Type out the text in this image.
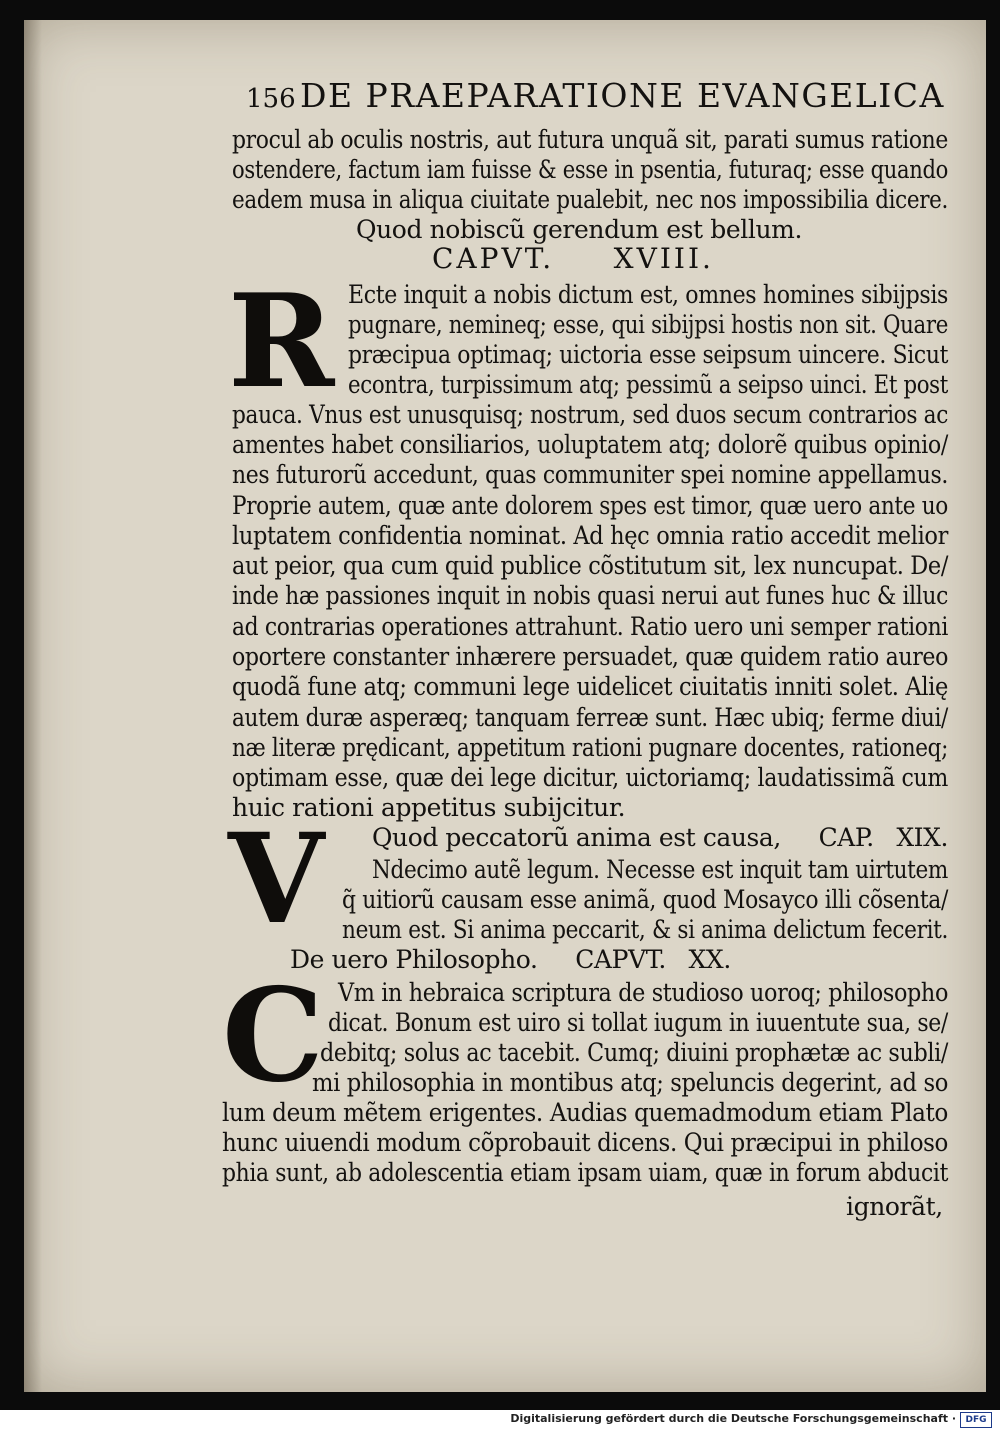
156 DE PRAEPARATIONE EVANGELICA
R
V
C
procul ab oculis nostris, aut futura unquã sit, parati sumus ratione
ostendere, factum iam fuisse & esse in psentia, futuraq; esse quando
eadem musa in aliqua ciuitate pualebit, nec nos impossibilia dicere.
Quod nobiscũ gerendum est bellum.
CAPVT.     XVIII.
Ecte inquit a nobis dictum est, omnes homines sibijpsis
pugnare, nemineq; esse, qui sibijpsi hostis non sit. Quare
præcipua optimaq; uictoria esse seipsum uincere. Sicut
econtra, turpissimum atq; pessimũ a seipso uinci. Et post
pauca. Vnus est unusquisq; nostrum, sed duos secum contrarios ac
amentes habet consiliarios, uoluptatem atq; dolorẽ quibus opinio/
nes futurorũ accedunt, quas communiter spei nomine appellamus.
Proprie autem, quæ ante dolorem spes est timor, quæ uero ante uo
luptatem confidentia nominat. Ad hęc omnia ratio accedit melior
aut peior, qua cum quid publice cõstitutum sit, lex nuncupat. De/
inde hæ passiones inquit in nobis quasi nerui aut funes huc & illuc
ad contrarias operationes attrahunt. Ratio uero uni semper rationi
oportere constanter inhærere persuadet, quæ quidem ratio aureo
quodã fune atq; communi lege uidelicet ciuitatis inniti solet. Alię
autem duræ asperæq; tanquam ferreæ sunt. Hæc ubiq; ferme diui/
næ literæ prędicant, appetitum rationi pugnare docentes, rationeq;
optimam esse, quæ dei lege dicitur, uictoriamq; laudatissimã cum
huic rationi appetitus subijcitur.
Quod peccatorũ anima est causa,     CAP.   XIX.
Ndecimo autẽ legum. Necesse est inquit tam uirtutem
q̃ uitiorũ causam esse animã, quod Mosayco illi cõsenta/
neum est. Si anima peccarit, & si anima delictum fecerit.
De uero Philosopho.     CAPVT.   XX.
Vm in hebraica scriptura de studioso uoroq; philosopho
dicat. Bonum est uiro si tollat iugum in iuuentute sua, se/
debitq; solus ac tacebit. Cumq; diuini prophætæ ac subli/
mi philosophia in montibus atq; speluncis degerint, ad so
lum deum mẽtem erigentes. Audias quemadmodum etiam Plato
hunc uiuendi modum cõprobauit dicens. Qui præcipui in philoso
phia sunt, ab adolescentia etiam ipsam uiam, quæ in forum abducit
ignorãt,
Digitalisierung gefördert durch die Deutsche Forschungsgemeinschaft ·	DFG
